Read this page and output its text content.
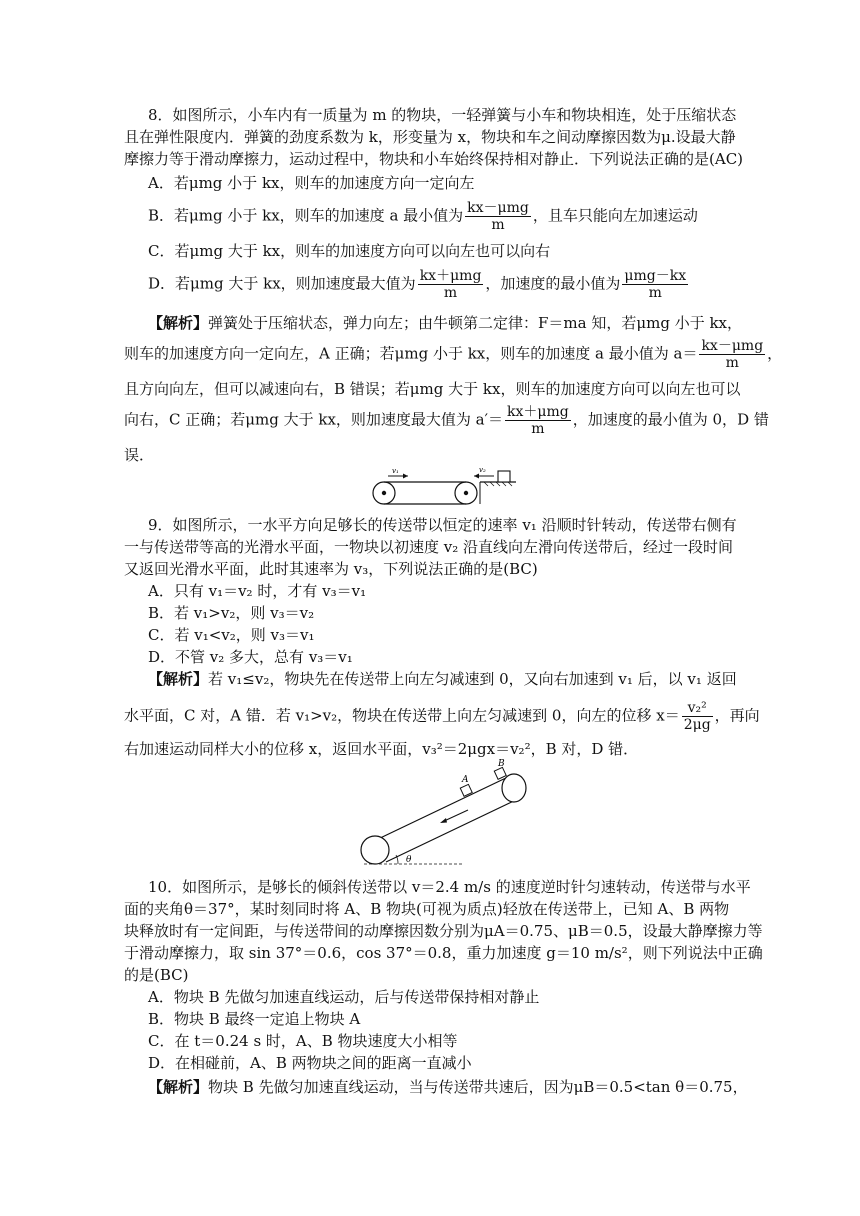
8．如图所示，小车内有一质量为 m 的物块，一轻弹簧与小车和物块相连，处于压缩状态
且在弹性限度内．弹簧的劲度系数为 k，形变量为 x，物块和车之间动摩擦因数为μ.设最大静
摩擦力等于滑动摩擦力，运动过程中，物块和小车始终保持相对静止．下列说法正确的是(AC)
A．若μmg 小于 kx，则车的加速度方向一定向左
B．若μmg 小于 kx，则车的加速度 a 最小值为 $\frac{\text{kx－μmg}}{m}$ ，且车只能向左加速运动
C．若μmg 大于 kx，则车的加速度方向可以向左也可以向右
D．若μmg 大于 kx，则加速度最大值为 $\frac{\text{kx＋μmg}}{m}$ ，加速度的最小值为 $\frac{\text{μmg－kx}}{m}$
【解析】弹簧处于压缩状态，弹力向左；由牛顿第二定律：F＝ma 知，若μmg 小于 kx，
则车的加速度方向一定向左，A 正确；若μmg 小于 kx，则车的加速度 a 最小值为 $a= \frac{\text{kx－μmg}}{m}$ ，
且方向向左，但可以减速向右，B 错误；若μmg 大于 kx，则车的加速度方向可以向左也可以
向右，C 正确；若μmg 大于 kx，则加速度最大值为 $a'= \frac{\text{kx＋μmg}}{m}$ ，加速度的最小值为 0，D 错
误．
v₁	v₂
9．如图所示，一水平方向足够长的传送带以恒定的速率 v₁ 沿顺时针转动，传送带右侧有
一与传送带等高的光滑水平面，一物块以初速度 v₂ 沿直线向左滑向传送带后，经过一段时间
又返回光滑水平面，此时其速率为 v₃，下列说法正确的是(BC)
A．只有 v₁＝v₂ 时，才有 v₃＝v₁
B．若 v₁>v₂，则 v₃＝v₂
C．若 v₁<v₂，则 v₃＝v₁
D．不管 v₂ 多大，总有 v₃＝v₁
【解析】若 v₁≤v₂，物块先在传送带上向左匀减速到 0，又向右加速到 v₁ 后，以 v₁ 返回
水平面，C 对，A 错．若 v₁>v₂，物块在传送带上向左匀减速到 0，向左的位移 $x= \frac{\text{v₂²}}{2\mu g}$ ，再向
右加速运动同样大小的位移 x，返回水平面，v₃²＝2μgx＝v₂²，B 对，D 错．
θ
A
B
10．如图所示，是够长的倾斜传送带以 v＝2.4 m/s 的速度逆时针匀速转动，传送带与水平
面的夹角θ＝37°，某时刻同时将 A、B 物块(可视为质点)轻放在传送带上，已知 A、B 两物
块释放时有一定间距，与传送带间的动摩擦因数分别为μA＝0.75、μB＝0.5，设最大静摩擦力等
于滑动摩擦力，取 sin 37°＝0.6，cos 37°＝0.8，重力加速度 g＝10 m/s²，则下列说法中正确
的是(BC)
A．物块 B 先做匀加速直线运动，后与传送带保持相对静止
B．物块 B 最终一定追上物块 A
C．在 t＝0.24 s 时，A、B 物块速度大小相等
D．在相碰前，A、B 两物块之间的距离一直减小
【解析】物块 B 先做匀加速直线运动，当与传送带共速后，因为μB＝0.5<tan θ＝0.75，
